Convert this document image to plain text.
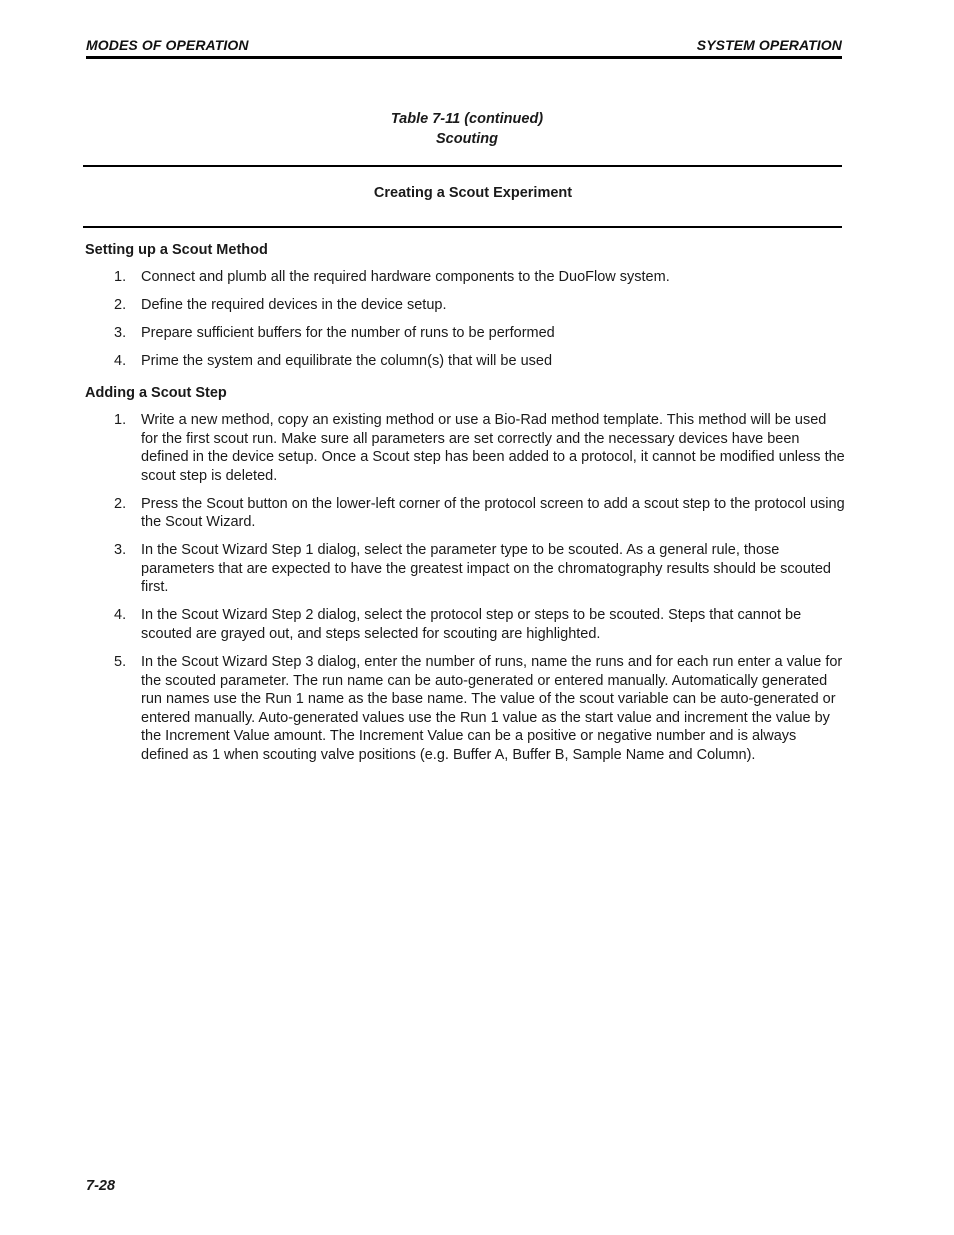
MODES OF OPERATION	SYSTEM OPERATION
Table 7-11 (continued)
Scouting
Creating a Scout Experiment
Setting up a Scout Method
1. Connect and plumb all the required hardware components to the DuoFlow system.
2. Define the required devices in the device setup.
3. Prepare sufficient buffers for the number of runs to be performed
4. Prime the system and equilibrate the column(s) that will be used
Adding a Scout Step
1. Write a new method, copy an existing method or use a Bio-Rad method template. This method will be used for the first scout run. Make sure all parameters are set correctly and the necessary devices have been defined in the device setup. Once a Scout step has been added to a protocol, it cannot be modified unless the scout step is deleted.
2. Press the Scout button on the lower-left corner of the protocol screen to add a scout step to the protocol using the Scout Wizard.
3. In the Scout Wizard Step 1 dialog, select the parameter type to be scouted. As a general rule, those parameters that are expected to have the greatest impact on the chromatography results should be scouted first.
4. In the Scout Wizard Step 2 dialog, select the protocol step or steps to be scouted. Steps that cannot be scouted are grayed out, and steps selected for scouting are highlighted.
5. In the Scout Wizard Step 3 dialog, enter the number of runs, name the runs and for each run enter a value for the scouted parameter. The run name can be auto-generated or entered manually. Automatically generated run names use the Run 1 name as the base name. The value of the scout variable can be auto-generated or entered manually. Auto-generated values use the Run 1 value as the start value and increment the value by the Increment Value amount. The Increment Value can be a positive or negative number and is always defined as 1 when scouting valve positions (e.g. Buffer A, Buffer B, Sample Name and Column).
7-28
